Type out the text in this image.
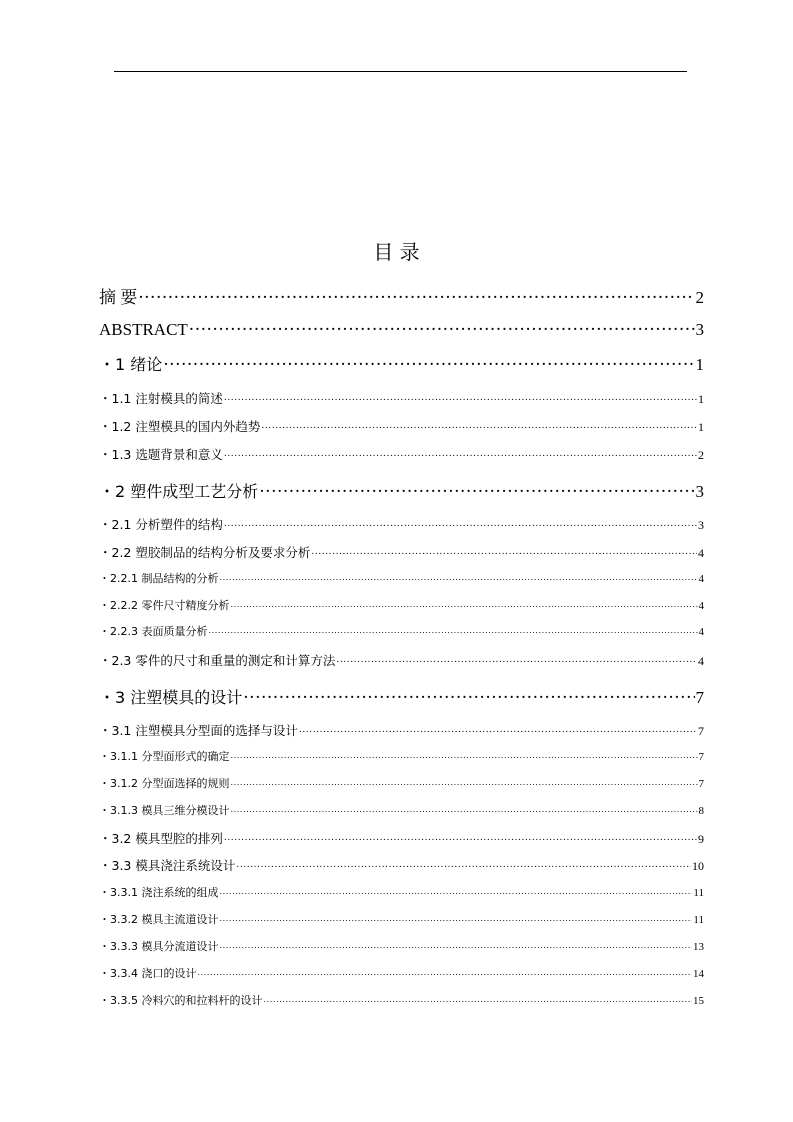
目 录
摘 要 .....	2
ABSTRACT .....	3
・1 绪论 .....	1
・1.1 注射模具的简述 .....	1
・1.2 注塑模具的国内外趋势 .....	1
・1.3 选题背景和意义 .....	2
・2 塑件成型工艺分析 .....	3
・2.1 分析塑件的结构 .....	3
・2.2 塑胶制品的结构分析及要求分析 .....	4
・2.2.1 制品结构的分析 .....	4
・2.2.2 零件尺寸精度分析 .....	4
・2.2.3 表面质量分析 .....	4
・2.3 零件的尺寸和重量的测定和计算方法 .....	4
・3 注塑模具的设计 .....	7
・3.1 注塑模具分型面的选择与设计 .....	7
・3.1.1 分型面形式的确定 .....	7
・3.1.2 分型面选择的规则 .....	7
・3.1.3 模具三维分模设计 .....	8
・3.2 模具型腔的排列 .....	9
・3.3 模具浇注系统设计 .....	10
・3.3.1 浇注系统的组成 .....	11
・3.3.2 模具主流道设计 .....	11
・3.3.3 模具分流道设计 .....	13
・3.3.4 浇口的设计 .....	14
・3.3.5 冷料穴的和拉料杆的设计 .....	15
